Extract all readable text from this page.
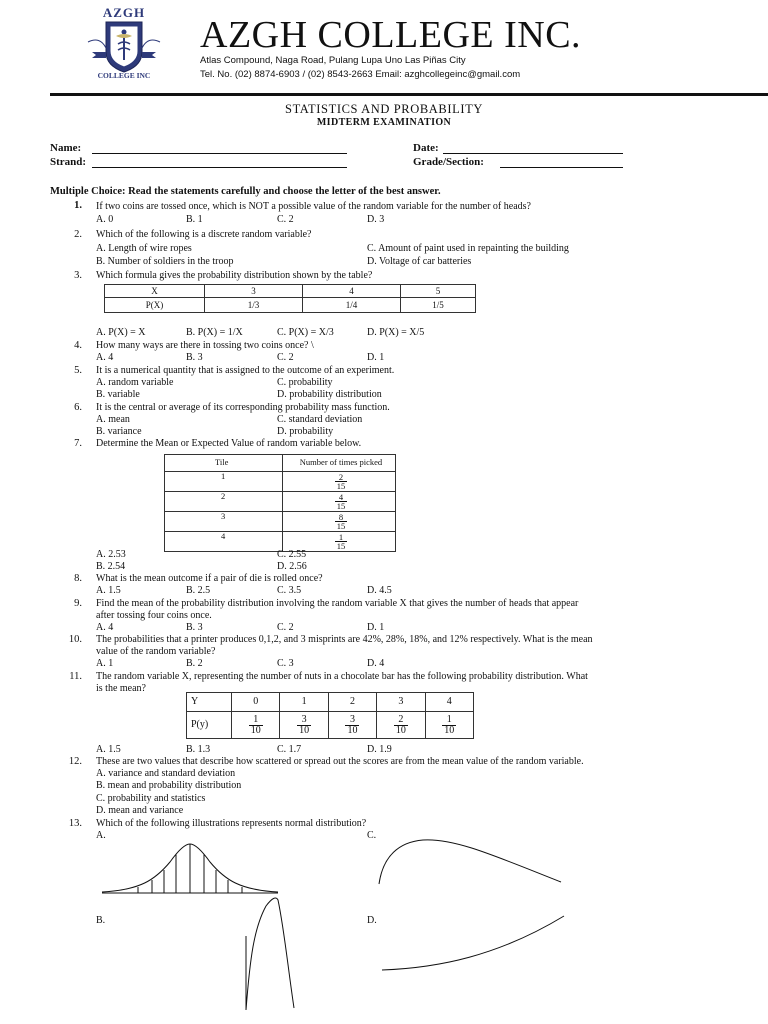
AZGH
COLLEGE INC
AZGH COLLEGE INC.
Atlas Compound, Naga Road, Pulang Lupa Uno Las Piñas City
Tel. No. (02) 8874-6903 / (02) 8543-2663 Email: azghcollegeinc@gmail.com
STATISTICS AND PROBABILITY
MIDTERM EXAMINATION
Name:	Date:
Strand:	Grade/Section:
Multiple Choice: Read the statements carefully and choose the letter of the best answer.
1. If two coins are tossed once, which is NOT a possible value of the random variable for the number of heads?
A. 0	B. 1	C. 2	D. 3
2. Which of the following is a discrete random variable?
A. Length of wire ropes	C. Amount of paint used in repainting the building
B. Number of soldiers in the troop	D. Voltage of car batteries
3. Which formula gives the probability distribution shown by the table?
X	3	4	5
P(X)	1/3	1/4	1/5
A. P(X) = X	B. P(X) = 1/X	C. P(X) = X/3	D. P(X) = X/5
4. How many ways are there in tossing two coins once? \
A. 4	B. 3	C. 2	D. 1
5. It is a numerical quantity that is assigned to the outcome of an experiment.
A. random variable	C. probability
B. variable	D. probability distribution
6. It is the central or average of its corresponding probability mass function.
A. mean	C. standard deviation
B. variance	D. probability
7. Determine the Mean or Expected Value of random variable below.
Tile	Number of times picked
1	$\frac{2}{15}$

2	$\frac{4}{15}$

3	$\frac{8}{15}$

4	$\frac{1}{15}$
A. 2.53	C. 2.55
B. 2.54	D. 2.56
8. What is the mean outcome if a pair of die is rolled once?
A. 1.5	B. 2.5	C. 3.5	D. 4.5
9. Find the mean of the probability distribution involving the random variable X that gives the number of heads that appear
after tossing four coins once.
A. 4	B. 3	C. 2	D. 1
10. The probabilities that a printer produces 0,1,2, and 3 misprints are 42%, 28%, 18%, and 12% respectively. What is the mean
value of the random variable?
A. 1	B. 2	C. 3	D. 4
11. The random variable X, representing the number of nuts in a chocolate bar has the following probability distribution. What
is the mean?
Y	0	1	2	3	4
P(y)	$\frac{1}{10}$	$\frac{3}{10}$	$\frac{3}{10}$	$\frac{2}{10}$	$\frac{1}{10}$
A. 1.5	B. 1.3	C. 1.7	D. 1.9
12. These are two values that describe how scattered or spread out the scores are from the mean value of the random variable.
A. variance and standard deviation
B. mean and probability distribution
C. probability and statistics
D. mean and variance
13. Which of the following illustrations represents normal distribution?
A.	C.
B.	D.
